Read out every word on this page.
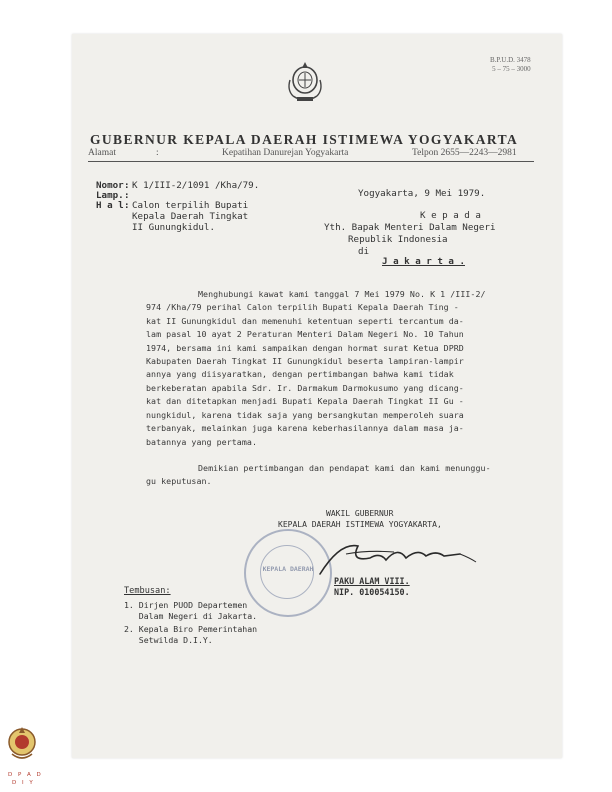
B.P.U.D. 3478
5 – 75 – 3000
GUBERNUR KEPALA DAERAH ISTIMEWA YOGYAKARTA
Alamat	:	Kepatihan Danurejan Yogyakarta	Telpon 2655—2243—2981
Nomor : K 1/III-2/1091 /Kha/79.
Lamp. :
H a l : Calon terpilih Bupati
Kepala Daerah Tingkat
II Gunungkidul.
Yogyakarta, 9 Mei 1979.
K e p a d a
Yth. Bapak Menteri Dalam Negeri
Republik Indonesia
di
J a k a r t a .
Menghubungi kawat kami tanggal 7 Mei 1979 No. K 1 /III-2/
974 /Kha/79 perihal Calon terpilih Bupati Kepala Daerah Ting -
kat II Gunungkidul dan memenuhi ketentuan seperti tercantum da-
lam pasal 10 ayat 2 Peraturan Menteri Dalam Negeri No. 10 Tahun
1974, bersama ini kami sampaikan dengan hormat surat Ketua DPRD
Kabupaten Daerah Tingkat II Gunungkidul beserta lampiran-lampir
annya yang diisyaratkan, dengan pertimbangan bahwa kami tidak
berkeberatan apabila Sdr. Ir. Darmakum Darmokusumo yang dicang-
kat dan ditetapkan menjadi Bupati Kepala Daerah Tingkat II Gu -
nungkidul, karena tidak saja yang bersangkutan memperoleh suara
terbanyak, melainkan juga karena keberhasilannya dalam masa ja-
batannya yang pertama.
Demikian pertimbangan dan pendapat kami dan kami menunggu-
gu keputusan.
WAKIL GUBERNUR
KEPALA DAERAH ISTIMEWA YOGYAKARTA,
KEPALA DAERAH
PAKU ALAM VIII.
NIP. 010054150.
Tembusan:
1. Dirjen PUOD Departemen
Dalam Negeri di Jakarta.
2. Kepala Biro Pemerintahan
Setwilda D.I.Y.
D P A D
D I Y
